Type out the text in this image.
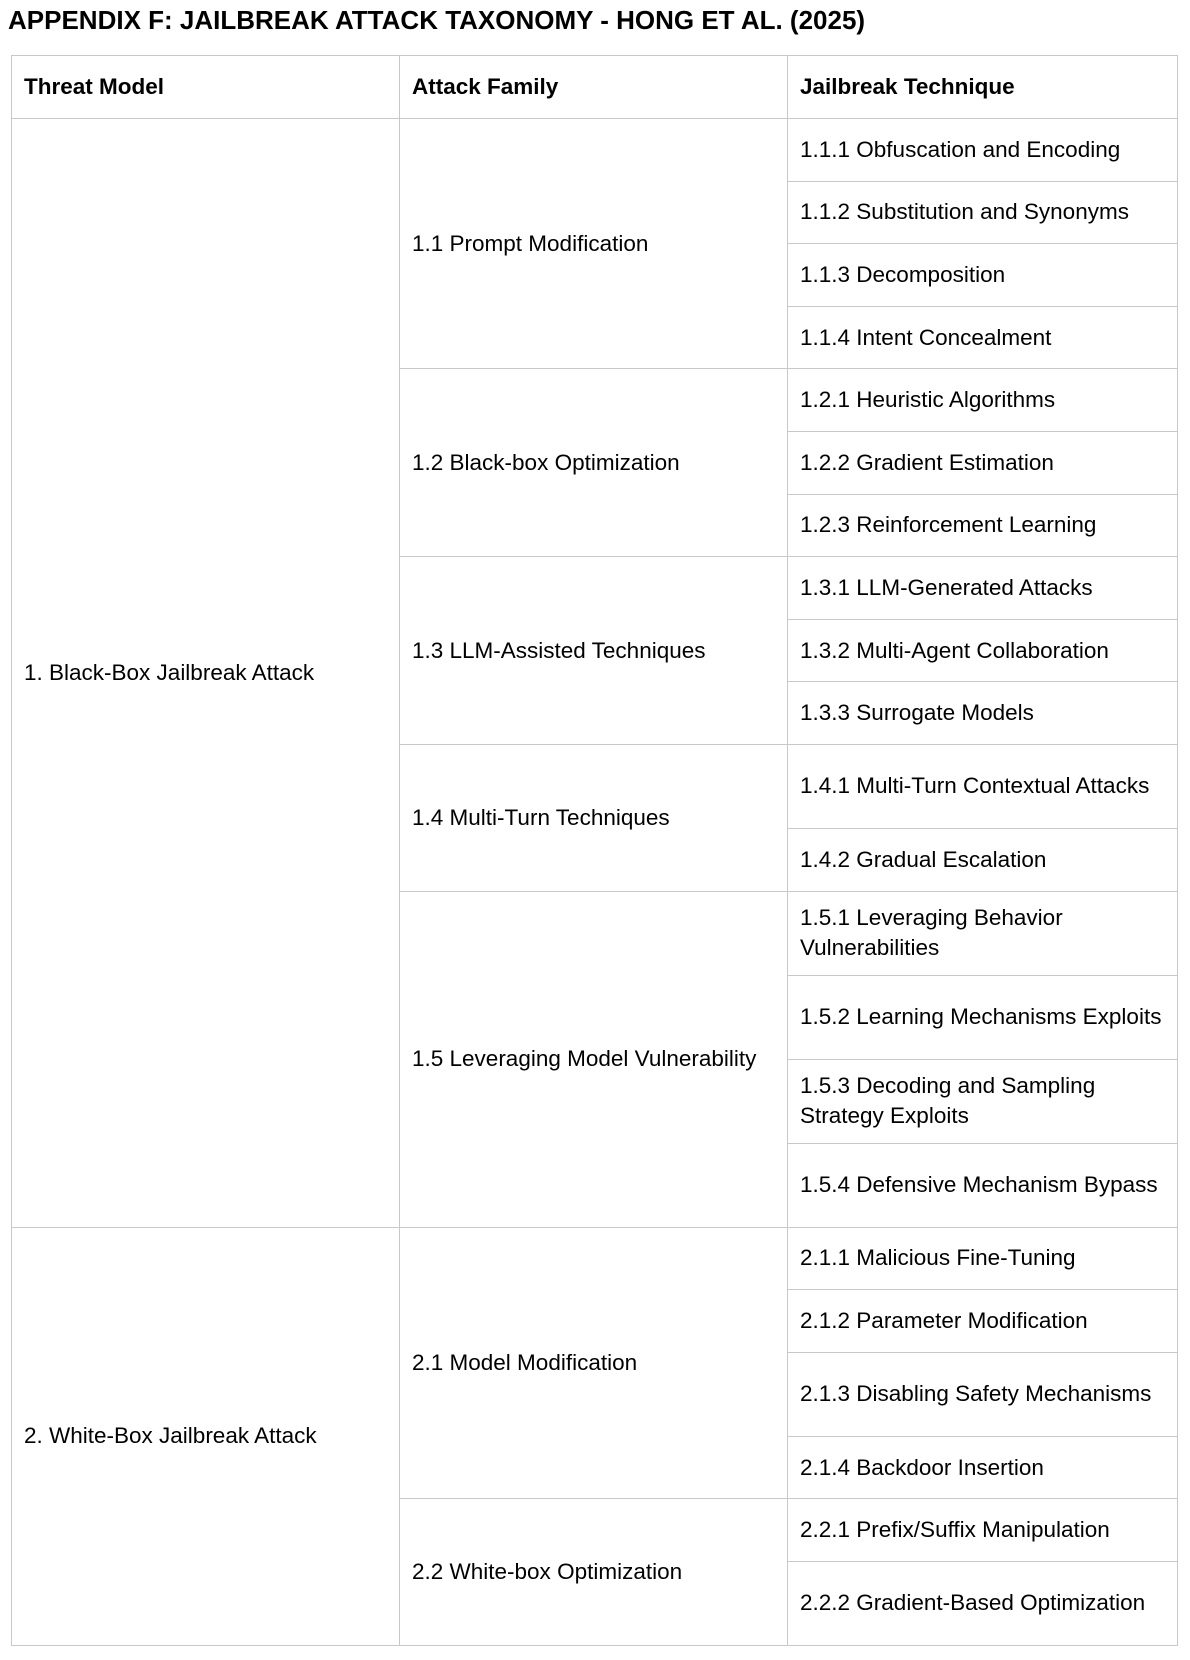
APPENDIX F: JAILBREAK ATTACK TAXONOMY - HONG ET AL. (2025)
Threat Model	Attack Family	Jailbreak Technique
1. Black-Box Jailbreak Attack	1.1 Prompt Modification	1.1.1 Obfuscation and Encoding
		1.1.2 Substitution and Synonyms
		1.1.3 Decomposition
		1.1.4 Intent Concealment
	1.2 Black-box Optimization	1.2.1 Heuristic Algorithms
		1.2.2 Gradient Estimation
		1.2.3 Reinforcement Learning
	1.3 LLM-Assisted Techniques	1.3.1 LLM-Generated Attacks
		1.3.2 Multi-Agent Collaboration
		1.3.3 Surrogate Models
	1.4 Multi-Turn Techniques	1.4.1 Multi-Turn Contextual Attacks
		1.4.2 Gradual Escalation
	1.5 Leveraging Model Vulnerability	1.5.1 Leveraging Behavior Vulnerabilities
		1.5.2 Learning Mechanisms Exploits
		1.5.3 Decoding and Sampling Strategy Exploits
		1.5.4 Defensive Mechanism Bypass
2. White-Box Jailbreak Attack	2.1 Model Modification	2.1.1 Malicious Fine-Tuning
		2.1.2 Parameter Modification
		2.1.3 Disabling Safety Mechanisms
		2.1.4 Backdoor Insertion
	2.2 White-box Optimization	2.2.1 Prefix/Suffix Manipulation
		2.2.2 Gradient-Based Optimization
